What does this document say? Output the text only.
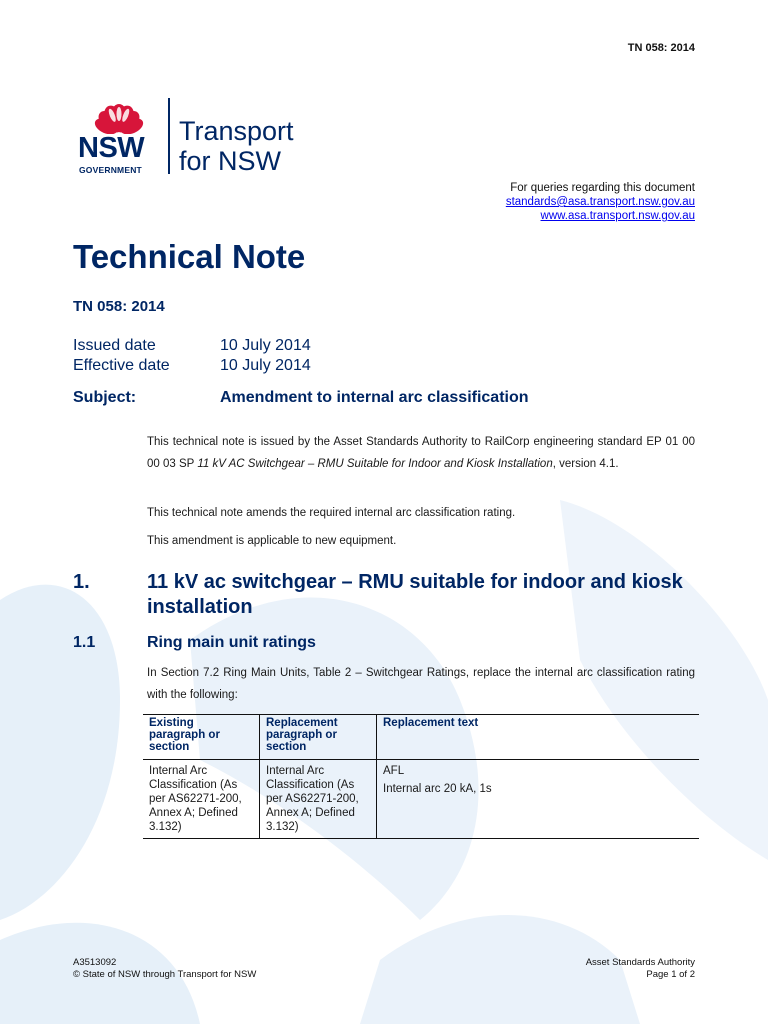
TN 058: 2014
NSW
GOVERNMENT
Transport
for NSW
For queries regarding this document
standards@asa.transport.nsw.gov.au
www.asa.transport.nsw.gov.au
Technical Note
TN 058: 2014
Issued date	10 July 2014
Effective date	10 July 2014
Subject:	Amendment to internal arc classification
This technical note is issued by the Asset Standards Authority to RailCorp engineering standard EP 01 00 00 03 SP 11 kV AC Switchgear – RMU Suitable for Indoor and Kiosk Installation, version 4.1.
This technical note amends the required internal arc classification rating.
This amendment is applicable to new equipment.
1.	11 kV ac switchgear – RMU suitable for indoor and kiosk installation
1.1	Ring main unit ratings
In Section 7.2 Ring Main Units, Table 2 – Switchgear Ratings, replace the internal arc classification rating with the following:
Existing paragraph or section	Replacement paragraph or section	Replacement text
Internal Arc Classification (As per AS62271-200, Annex A; Defined 3.132)	Internal Arc Classification (As per AS62271-200, Annex A; Defined 3.132)	AFL
Internal arc 20 kA, 1s
A3513092
© State of NSW through Transport for NSW
Asset Standards Authority
Page 1 of 2
